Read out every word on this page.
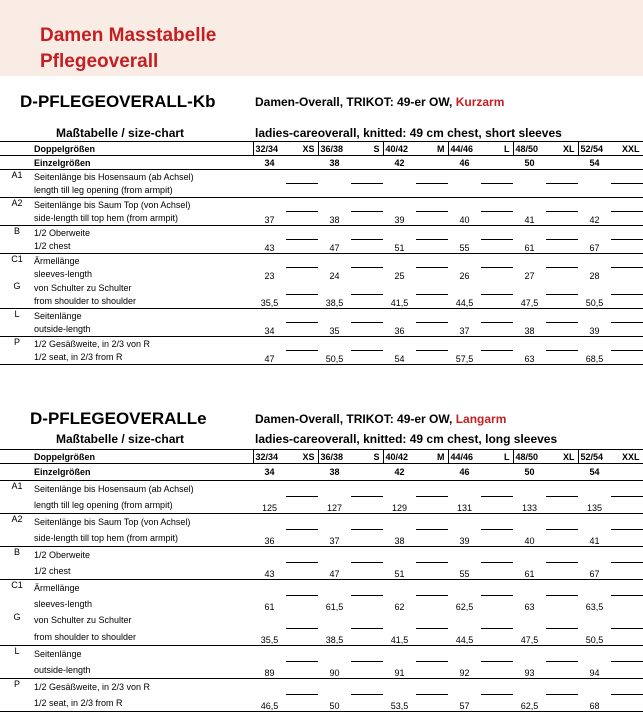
Damen Masstabelle
Pflegeoverall
D-PFLEGEOVERALL-Kb	Damen-Overall, TRIKOT: 49-er OW, Kurzarm
Maßtabelle / size-chart	ladies-careoverall, knitted: 49 cm chest, short sleeves
	Doppelgrößen	32/34	XS	36/38	S	40/42	M	44/46	L	48/50	XL	52/54	XXL
	Einzelgrößen	34		38		42		46		50		54	
A1	Seitenlänge bis Hosensaum (ab Achsel)												
	length till leg opening (from armpit)												
A2	Seitenlänge bis Saum Top (von Achsel)												
	side-length till top hem (from armpit)	37		38		39		40		41		42	
B	1/2 Oberweite												
	1/2 chest	43		47		51		55		61		67	
C1	Ärmellänge												
	sleeves-length	23		24		25		26		27		28	
G	von Schulter zu Schulter												
	from shoulder to shoulder	35,5		38,5		41,5		44,5		47,5		50,5	
L	Seitenlänge												
	outside-length	34		35		36		37		38		39	
P	1/2 Gesäßweite, in 2/3 von R												
	1/2 seat, in 2/3 from R	47		50,5		54		57,5		63		68,5	
D-PFLEGEOVERALLe	Damen-Overall, TRIKOT: 49-er OW, Langarm
Maßtabelle / size-chart	ladies-careoverall, knitted: 49 cm chest, long sleeves
	Doppelgrößen	32/34	XS	36/38	S	40/42	M	44/46	L	48/50	XL	52/54	XXL
	Einzelgrößen	34		38		42		46		50		54	
A1	Seitenlänge bis Hosensaum (ab Achsel)												
	length till leg opening (from armpit)	125		127		129		131		133		135	
A2	Seitenlänge bis Saum Top (von Achsel)												
	side-length till top hem (from armpit)	36		37		38		39		40		41	
B	1/2 Oberweite												
	1/2 chest	43		47		51		55		61		67	
C1	Ärmellänge												
	sleeves-length	61		61,5		62		62,5		63		63,5	
G	von Schulter zu Schulter												
	from shoulder to shoulder	35,5		38,5		41,5		44,5		47,5		50,5	
L	Seitenlänge												
	outside-length	89		90		91		92		93		94	
P	1/2 Gesäßweite, in 2/3 von R												
	1/2 seat, in 2/3 from R	46,5		50		53,5		57		62,5		68	
